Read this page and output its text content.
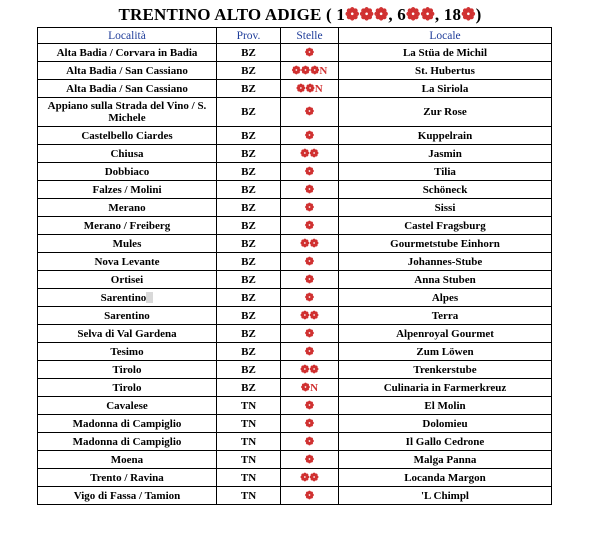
TRENTINO ALTO ADIGE ( 1❁❁❁, 6❁❁, 18❁)
Località	Prov.	Stelle	Locale
Alta Badia / Corvara in Badia	BZ	❁	La Stüa de Michil
Alta Badia / San Cassiano	BZ	❁❁❁N	St. Hubertus
Alta Badia / San Cassiano	BZ	❁❁N	La Siriola
Appiano sulla Strada del Vino / S. Michele	BZ	❁	Zur Rose
Castelbello Ciardes	BZ	❁	Kuppelrain
Chiusa	BZ	❁❁	Jasmin
Dobbiaco	BZ	❁	Tilia
Falzes / Molini	BZ	❁	Schöneck
Merano	BZ	❁	Sissi
Merano / Freiberg	BZ	❁	Castel Fragsburg
Mules	BZ	❁❁	Gourmetstube Einhorn
Nova Levante	BZ	❁	Johannes-Stube
Ortisei	BZ	❁	Anna Stuben
Sarentino	BZ	❁	Alpes
Sarentino	BZ	❁❁	Terra
Selva di Val Gardena	BZ	❁	Alpenroyal Gourmet
Tesimo	BZ	❁	Zum Löwen
Tirolo	BZ	❁❁	Trenkerstube
Tirolo	BZ	❁N	Culinaria in Farmerkreuz
Cavalese	TN	❁	El Molin
Madonna di Campiglio	TN	❁	Dolomieu
Madonna di Campiglio	TN	❁	Il Gallo Cedrone
Moena	TN	❁	Malga Panna
Trento / Ravina	TN	❁❁	Locanda Margon
Vigo di Fassa / Tamion	TN	❁	'L Chimpl
